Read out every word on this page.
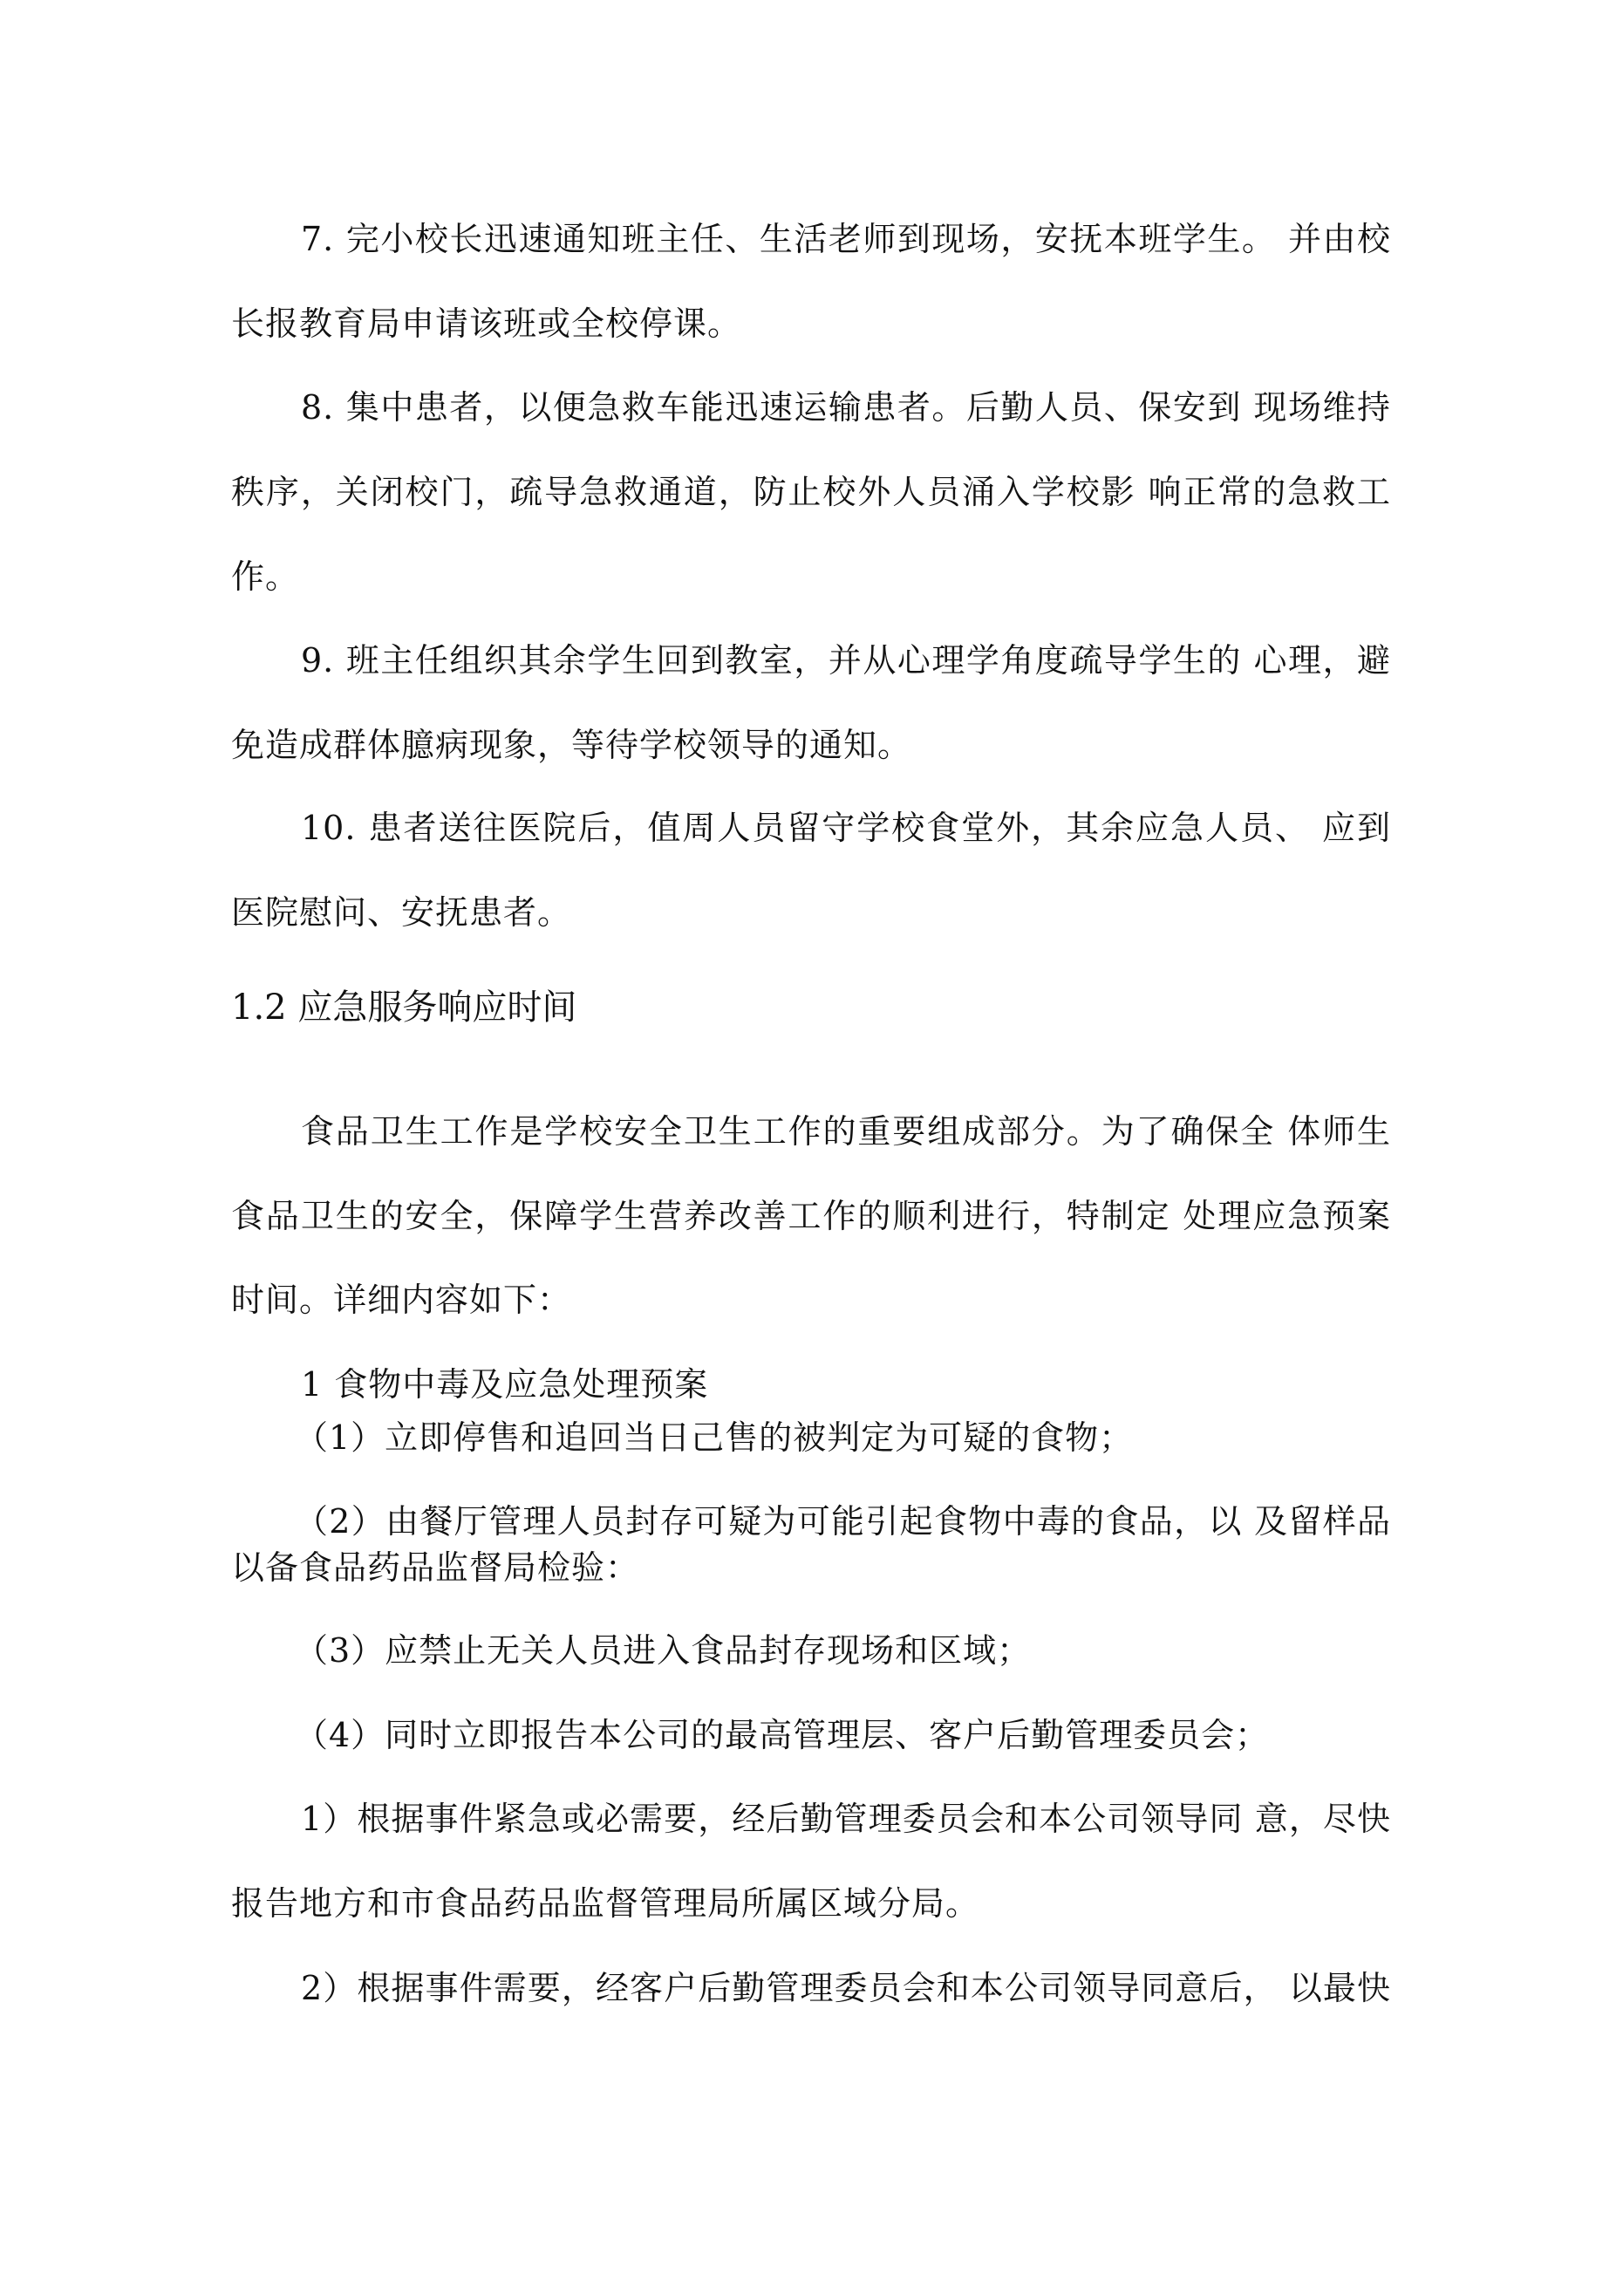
7. 完小校长迅速通知班主任、生活老师到现场，安抚本班学生。 并由校
长报教育局申请该班或全校停课。
8. 集中患者，以便急救车能迅速运输患者。后勤人员、保安到 现场维持
秩序，关闭校门，疏导急救通道，防止校外人员涌入学校影 响正常的急救工
作。
9. 班主任组织其余学生回到教室，并从心理学角度疏导学生的 心理，避
免造成群体臆病现象，等待学校领导的通知。
10. 患者送往医院后，值周人员留守学校食堂外，其余应急人员、 应到
医院慰问、安抚患者。
1.2 应急服务响应时间
食品卫生工作是学校安全卫生工作的重要组成部分。为了确保全 体师生
食品卫生的安全，保障学生营养改善工作的顺利进行，特制定 处理应急预案
时间。详细内容如下：
1 食物中毒及应急处理预案
（1）立即停售和追回当日己售的被判定为可疑的食物；
（2）由餐厅管理人员封存可疑为可能引起食物中毒的食品，以 及留样品
以备食品药品监督局检验：
（3）应禁止无关人员进入食品封存现场和区域；
（4）同时立即报告本公司的最高管理层、客户后勤管理委员会；
1）根据事件紧急或必需要，经后勤管理委员会和本公司领导同 意，尽快
报告地方和市食品药品监督管理局所属区域分局。
2）根据事件需要，经客户后勤管理委员会和本公司领导同意后， 以最快
